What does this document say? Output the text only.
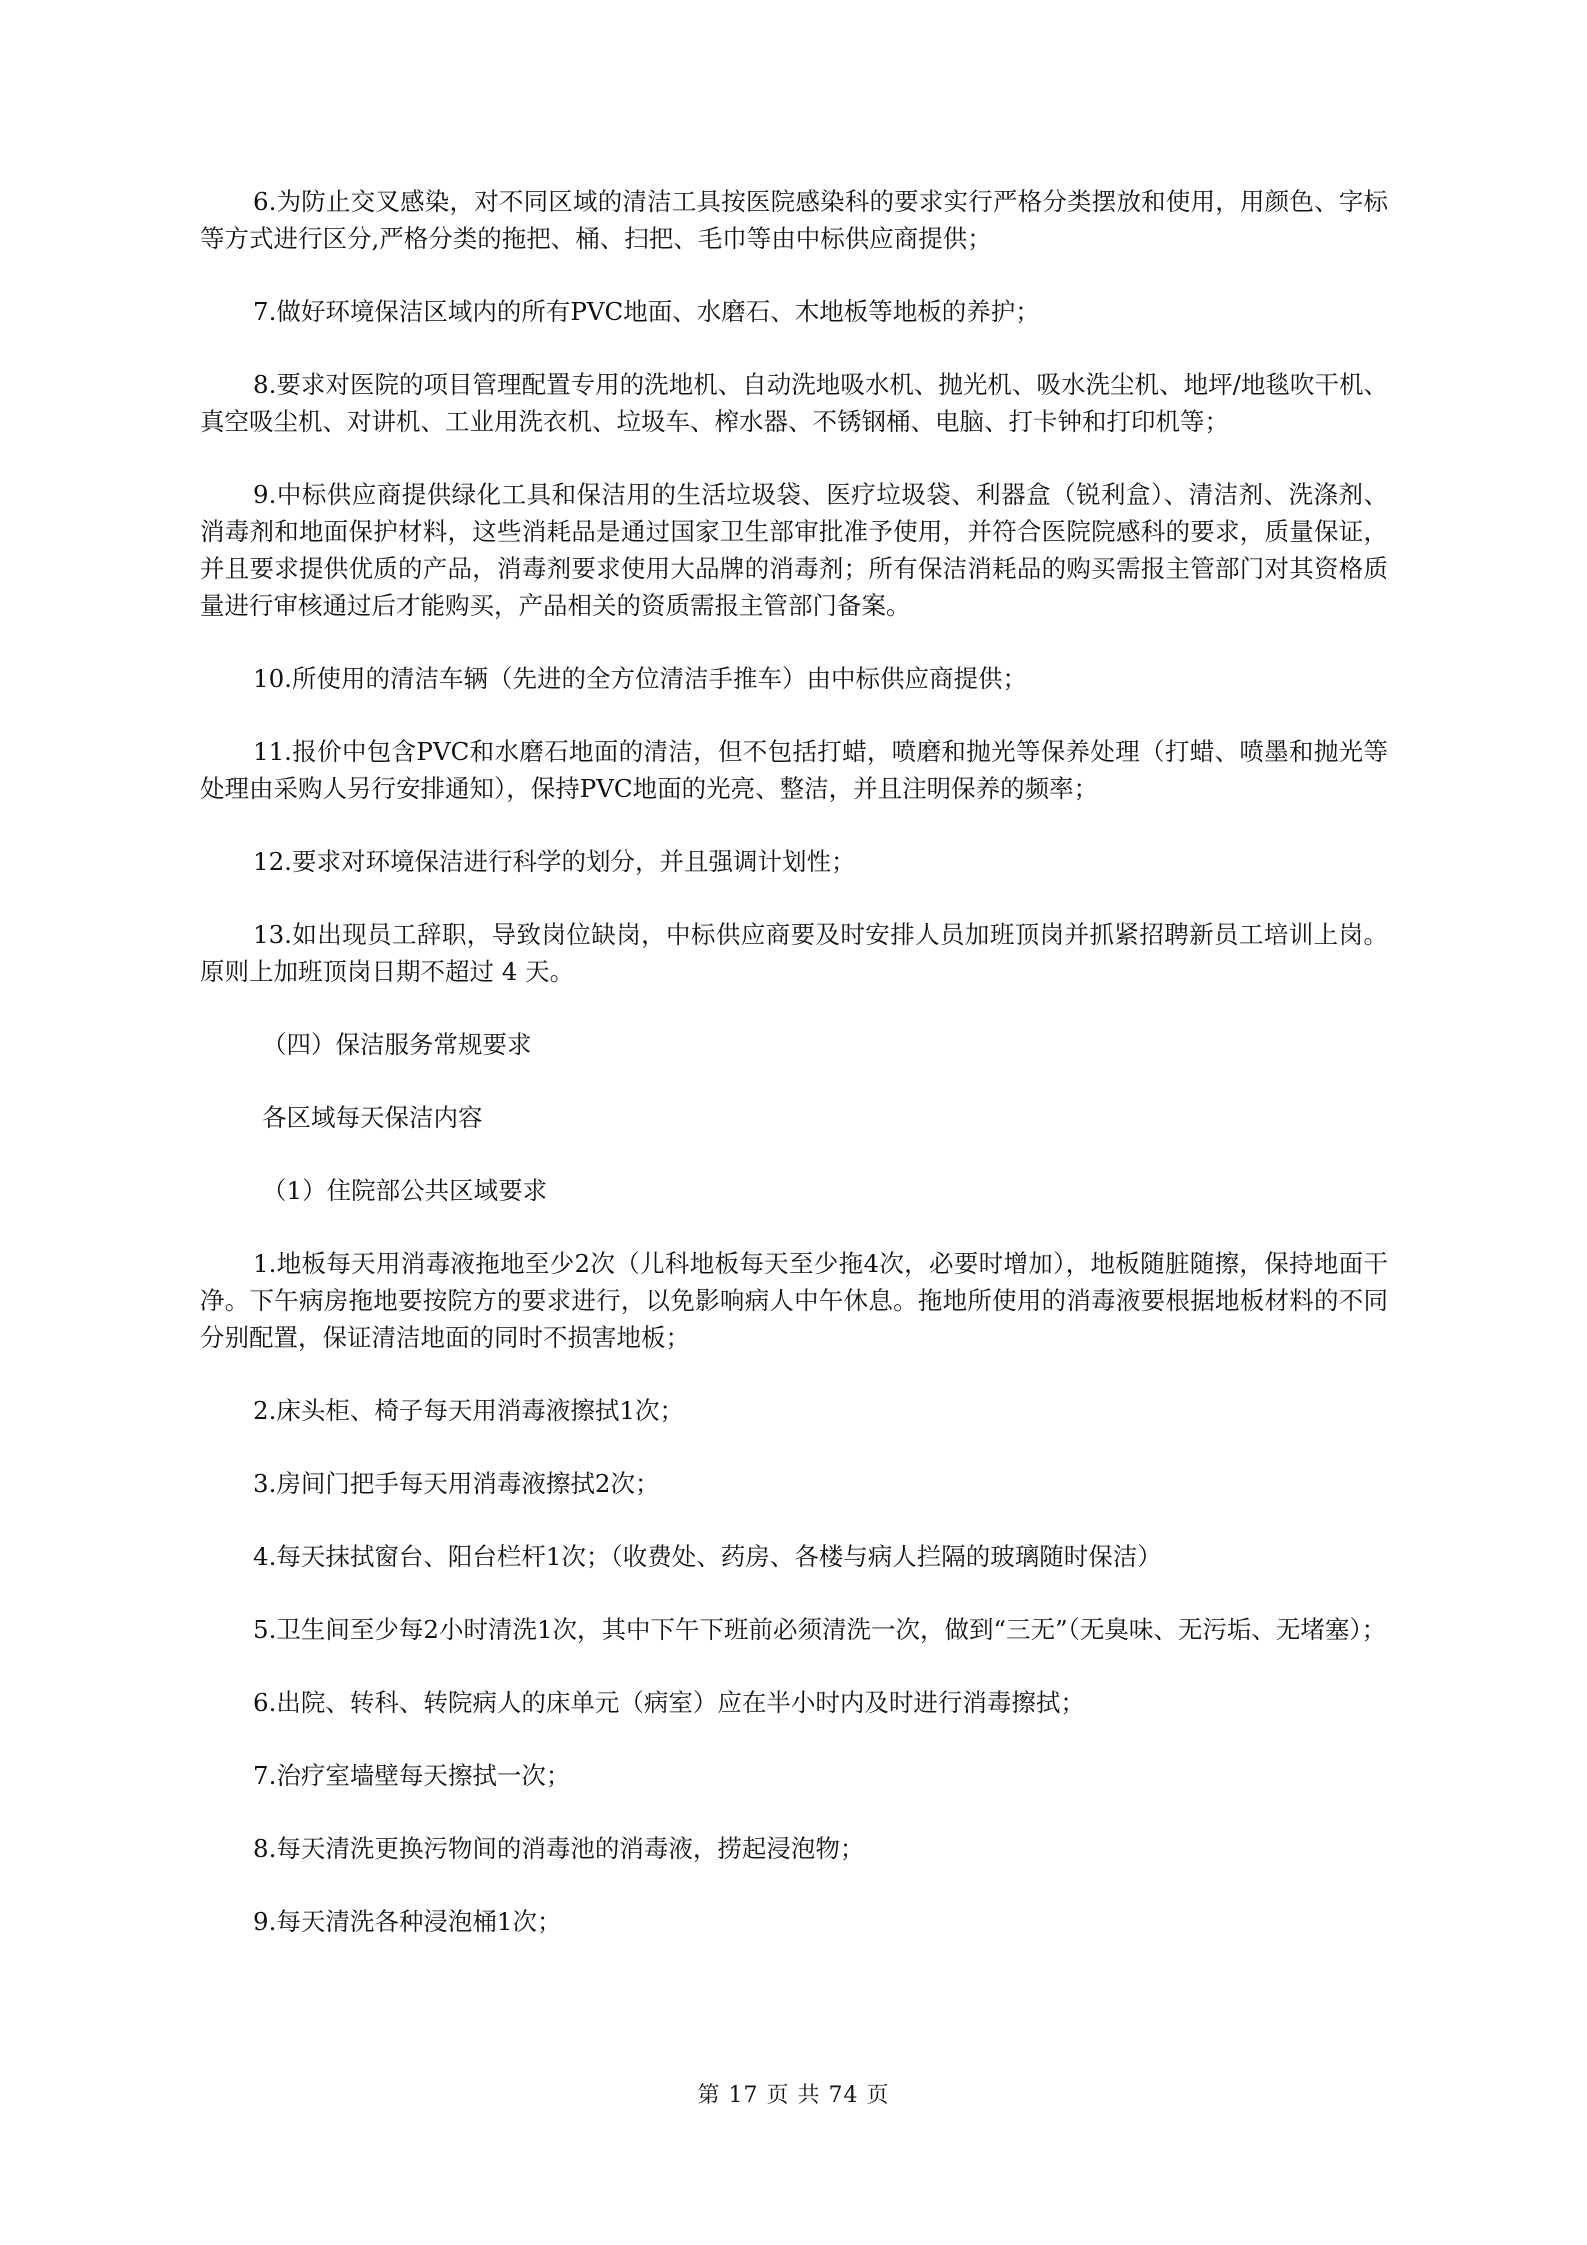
6.为防止交叉感染，对不同区域的清洁工具按医院感染科的要求实行严格分类摆放和使用，用颜色、字标等方式进行区分,严格分类的拖把、桶、扫把、毛巾等由中标供应商提供；

7.做好环境保洁区域内的所有PVC地面、水磨石、木地板等地板的养护；

8.要求对医院的项目管理配置专用的洗地机、自动洗地吸水机、抛光机、吸水洗尘机、地坪/地毯吹干机、真空吸尘机、对讲机、工业用洗衣机、垃圾车、榨水器、不锈钢桶、电脑、打卡钟和打印机等；

9.中标供应商提供绿化工具和保洁用的生活垃圾袋、医疗垃圾袋、利器盒（锐利盒）、清洁剂、洗涤剂、消毒剂和地面保护材料，这些消耗品是通过国家卫生部审批准予使用，并符合医院院感科的要求，质量保证，并且要求提供优质的产品，消毒剂要求使用大品牌的消毒剂；所有保洁消耗品的购买需报主管部门对其资格质量进行审核通过后才能购买，产品相关的资质需报主管部门备案。

10.所使用的清洁车辆（先进的全方位清洁手推车）由中标供应商提供；

11.报价中包含PVC和水磨石地面的清洁，但不包括打蜡，喷磨和抛光等保养处理（打蜡、喷墨和抛光等处理由采购人另行安排通知），保持PVC地面的光亮、整洁，并且注明保养的频率；

12.要求对环境保洁进行科学的划分，并且强调计划性；

13.如出现员工辞职，导致岗位缺岗，中标供应商要及时安排人员加班顶岗并抓紧招聘新员工培训上岗。原则上加班顶岗日期不超过 4 天。

（四）保洁服务常规要求

各区域每天保洁内容

（1）住院部公共区域要求

1.地板每天用消毒液拖地至少2次（儿科地板每天至少拖4次，必要时增加），地板随脏随擦，保持地面干净。下午病房拖地要按院方的要求进行，以免影响病人中午休息。拖地所使用的消毒液要根据地板材料的不同分别配置，保证清洁地面的同时不损害地板；

2.床头柜、椅子每天用消毒液擦拭1次；

3.房间门把手每天用消毒液擦拭2次；

4.每天抹拭窗台、阳台栏杆1次；（收费处、药房、各楼与病人拦隔的玻璃随时保洁）

5.卫生间至少每2小时清洗1次，其中下午下班前必须清洗一次，做到“三无”（无臭味、无污垢、无堵塞）；

6.出院、转科、转院病人的床单元（病室）应在半小时内及时进行消毒擦拭；

7.治疗室墙壁每天擦拭一次；

8.每天清洗更换污物间的消毒池的消毒液，捞起浸泡物；

9.每天清洗各种浸泡桶1次；

第 17 页 共 74 页
